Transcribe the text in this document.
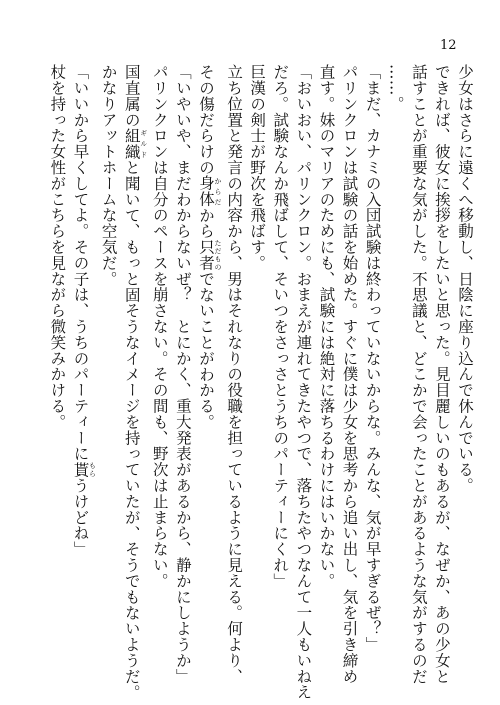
12

少女はさらに遠くへ移動し、日陰に座り込んで休んでいる。

できれば、彼女に挨拶をしたいと思った。見目麗しいのもあるが、なぜか、あの少女と

話すことが重要な気がした。不思議と、どこかで会ったことがあるような気がするのだ

……。

「まだ、カナミの入団試験は終わっていないからな。みんな、気が早すぎるぜ？」

パリンクロンは試験の話を始めた。すぐに僕は少女を思考から追い出し、気を引き締め

直す。妹のマリアのためにも、試験には絶対に落ちるわけにはいかない。

「おいおい、パリンクロン。おまえが連れてきたやつで、落ちたやつなんて一人もいねえ

だろ。試験なんか飛ばして、そいつをさっさとうちのパーティーにくれ」

巨漢の剣士が野次を飛ばす。

立ち位置と発言の内容から、男はそれなりの役職を担っているように見える。何より、

その傷だらけの身体 からだから只者 ただものでないことがわかる。

「いやいや、まだわからないぜ？　とにかく、重大発表があるから、静かにしようか」

パリンクロンは自分のペースを崩さない。その間も、野次は止まらない。

国直属の組織 ギルドと聞いて、もっと固そうなイメージを持っていたが、そうでもないようだ。

かなりアットホームな空気だ。

「いいから早くしてよ。その子は、うちのパーティーに貰 もらうけどね」

杖を持った女性がこちらを見ながら微笑みかける。
